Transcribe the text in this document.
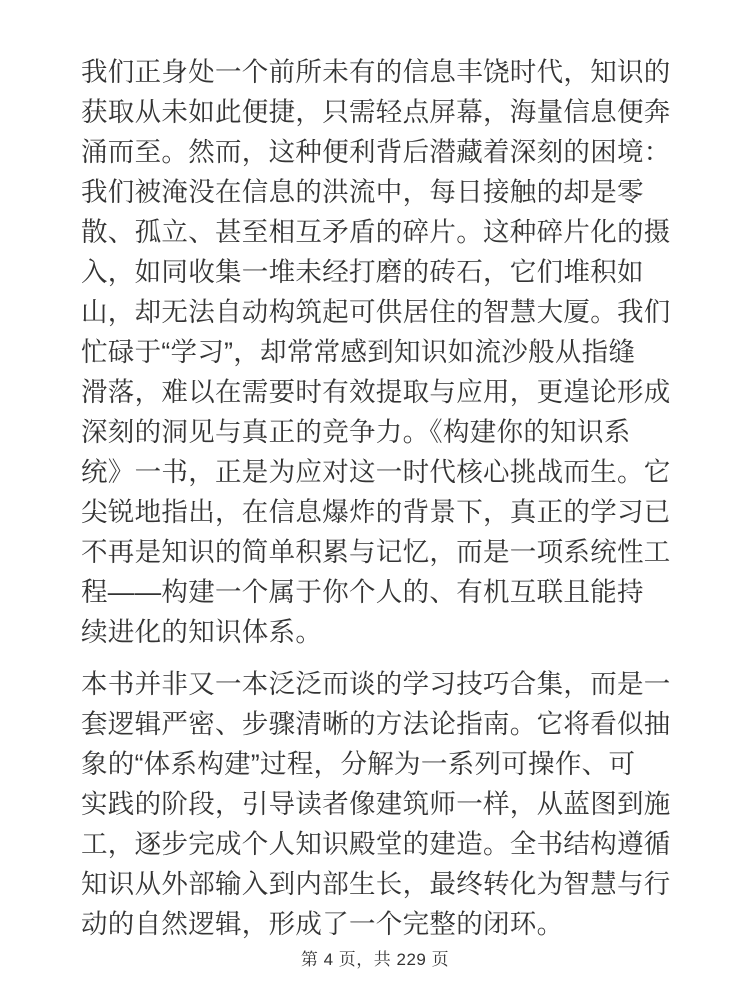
我们正身处一个前所未有的信息丰饶时代，知识的
获取从未如此便捷，只需轻点屏幕，海量信息便奔
涌而至。然而，这种便利背后潜藏着深刻的困境：
我们被淹没在信息的洪流中，每日接触的却是零
散、孤立、甚至相互矛盾的碎片。这种碎片化的摄
入，如同收集一堆未经打磨的砖石，它们堆积如
山，却无法自动构筑起可供居住的智慧大厦。我们
忙碌于“学习”，却常常感到知识如流沙般从指缝
滑落，难以在需要时有效提取与应用，更遑论形成
深刻的洞见与真正的竞争力。《构建你的知识系
统》一书，正是为应对这一时代核心挑战而生。它
尖锐地指出，在信息爆炸的背景下，真正的学习已
不再是知识的简单积累与记忆，而是一项系统性工
程——构建一个属于你个人的、有机互联且能持
续进化的知识体系。
本书并非又一本泛泛而谈的学习技巧合集，而是一
套逻辑严密、步骤清晰的方法论指南。它将看似抽
象的“体系构建”过程，分解为一系列可操作、可
实践的阶段，引导读者像建筑师一样，从蓝图到施
工，逐步完成个人知识殿堂的建造。全书结构遵循
知识从外部输入到内部生长，最终转化为智慧与行
动的自然逻辑，形成了一个完整的闭环。
第 4 页，共 229 页
